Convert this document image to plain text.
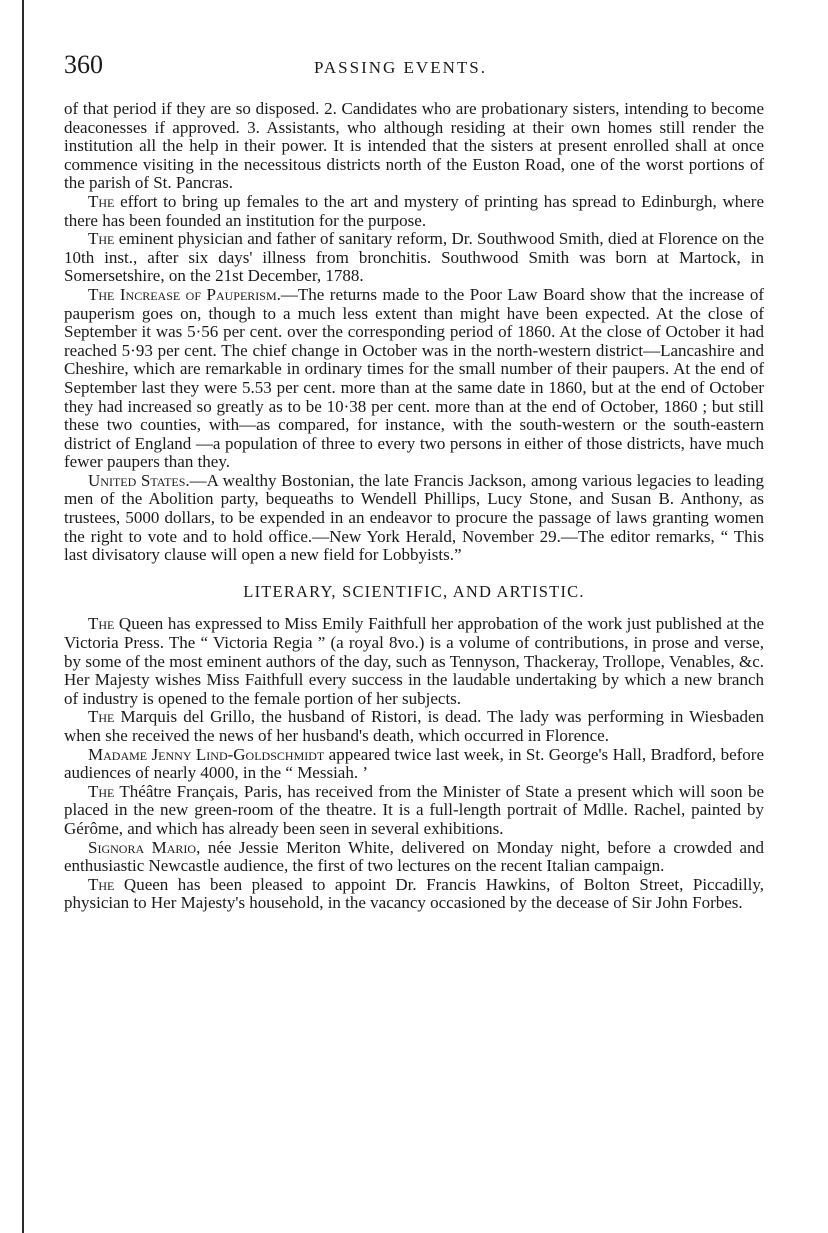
360	PASSING EVENTS.

of that period if they are so disposed. 2. Candidates who are probationary sisters, intending to become deaconesses if approved. 3. Assistants, who although residing at their own homes still render the institution all the help in their power. It is intended that the sisters at present enrolled shall at once commence visiting in the necessitous districts north of the Euston Road, one of the worst portions of the parish of St. Pancras.

The effort to bring up females to the art and mystery of printing has spread to Edinburgh, where there has been founded an institution for the purpose.

The eminent physician and father of sanitary reform, Dr. Southwood Smith, died at Florence on the 10th inst., after six days' illness from bronchitis. Southwood Smith was born at Martock, in Somersetshire, on the 21st December, 1788.

The Increase of Pauperism.—The returns made to the Poor Law Board show that the increase of pauperism goes on, though to a much less extent than might have been expected. At the close of September it was 5·56 per cent. over the corresponding period of 1860. At the close of October it had reached 5·93 per cent. The chief change in October was in the north-western district—Lancashire and Cheshire, which are remarkable in ordinary times for the small number of their paupers. At the end of September last they were 5.53 per cent. more than at the same date in 1860, but at the end of October they had increased so greatly as to be 10·38 per cent. more than at the end of October, 1860 ; but still these two counties, with—as compared, for instance, with the south-western or the south-eastern district of England —a population of three to every two persons in either of those districts, have much fewer paupers than they.

United States.—A wealthy Bostonian, the late Francis Jackson, among various legacies to leading men of the Abolition party, bequeaths to Wendell Phillips, Lucy Stone, and Susan B. Anthony, as trustees, 5000 dollars, to be expended in an endeavor to procure the passage of laws granting women the right to vote and to hold office.—New York Herald, November 29.—The editor remarks, “ This last divisatory clause will open a new field for Lobbyists.”

LITERARY, SCIENTIFIC, AND ARTISTIC.

The Queen has expressed to Miss Emily Faithfull her approbation of the work just published at the Victoria Press. The “ Victoria Regia ” (a royal 8vo.) is a volume of contributions, in prose and verse, by some of the most eminent authors of the day, such as Tennyson, Thackeray, Trollope, Venables, &c. Her Majesty wishes Miss Faithfull every success in the laudable undertaking by which a new branch of industry is opened to the female portion of her subjects.

The Marquis del Grillo, the husband of Ristori, is dead. The lady was performing in Wiesbaden when she received the news of her husband's death, which occurred in Florence.

Madame Jenny Lind-Goldschmidt appeared twice last week, in St. George's Hall, Bradford, before audiences of nearly 4000, in the “ Messiah. ’

The Théâtre Français, Paris, has received from the Minister of State a present which will soon be placed in the new green-room of the theatre. It is a full-length portrait of Mdlle. Rachel, painted by Gérôme, and which has already been seen in several exhibitions.

Signora Mario, née Jessie Meriton White, delivered on Monday night, before a crowded and enthusiastic Newcastle audience, the first of two lectures on the recent Italian campaign.

The Queen has been pleased to appoint Dr. Francis Hawkins, of Bolton Street, Piccadilly, physician to Her Majesty's household, in the vacancy occasioned by the decease of Sir John Forbes.
